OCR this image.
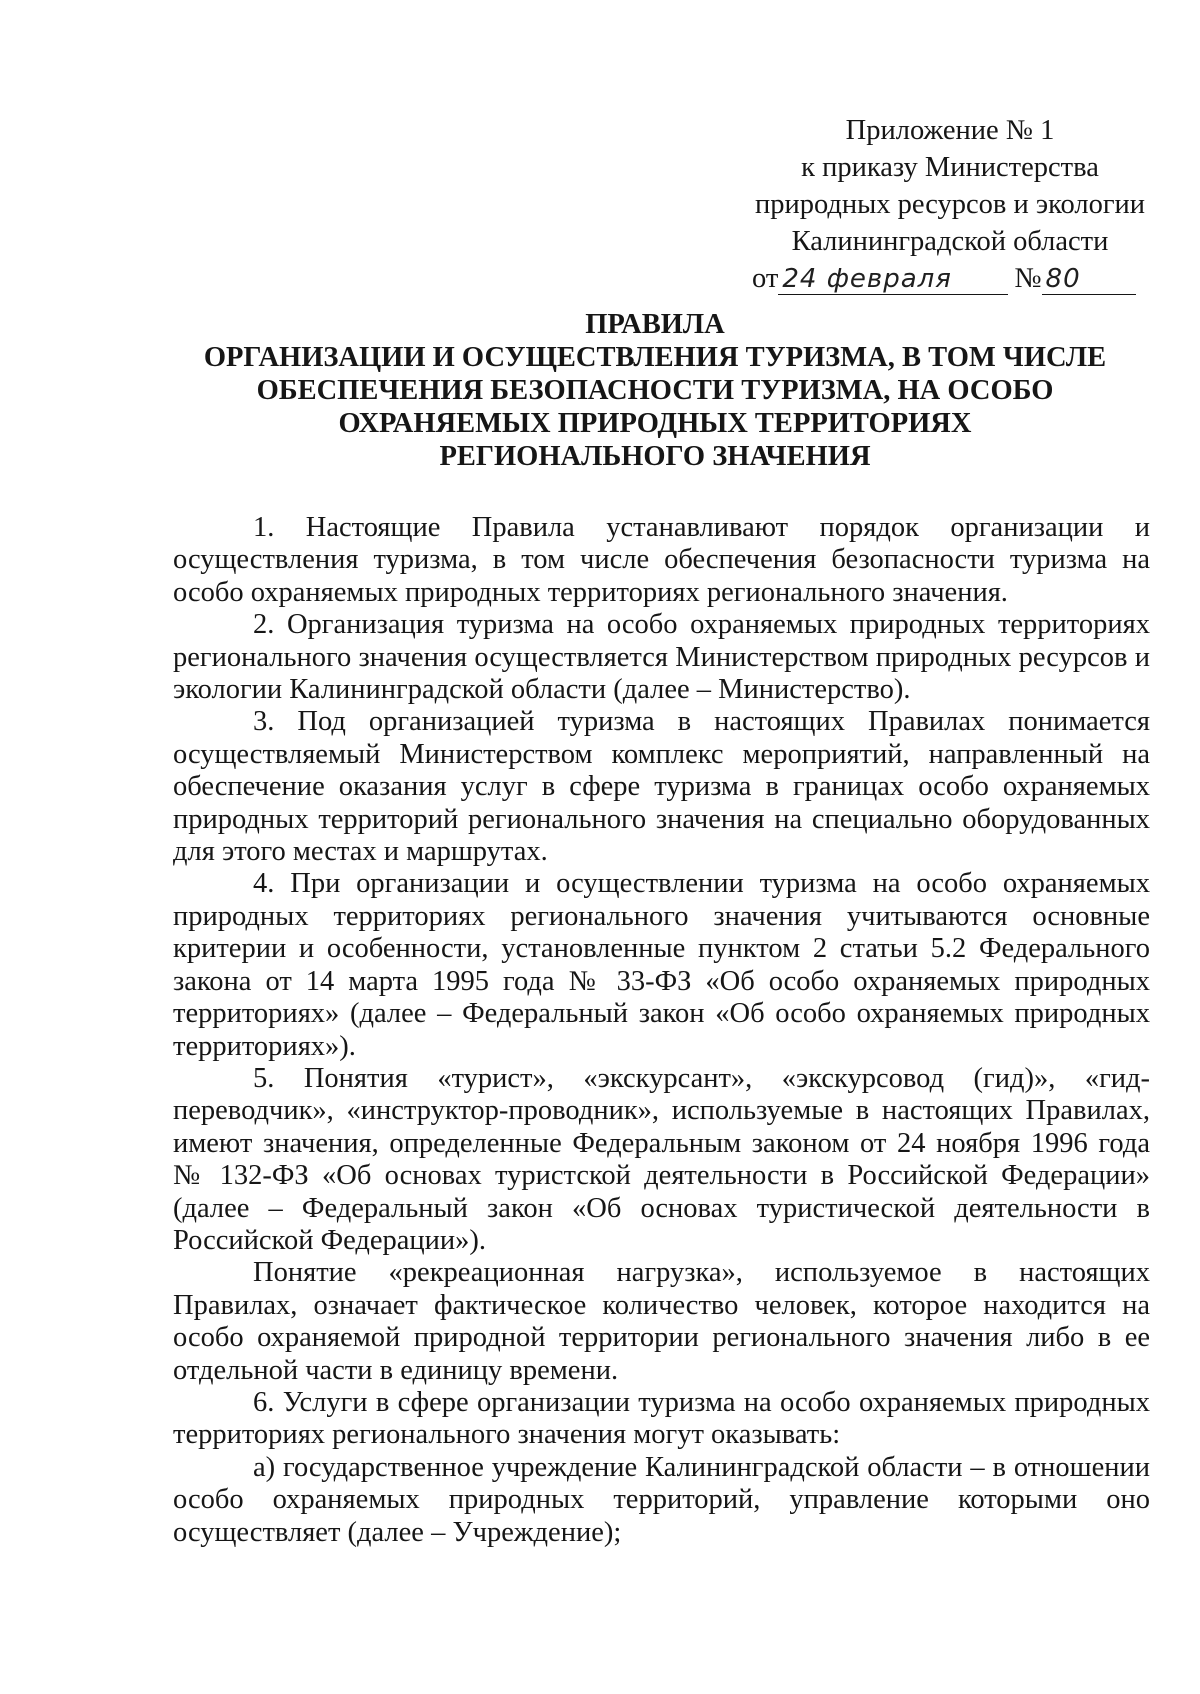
Приложение № 1
к приказу Министерства
природных ресурсов и экологии
Калининградской области
от 24 февраля № 80
ПРАВИЛА
ОРГАНИЗАЦИИ И ОСУЩЕСТВЛЕНИЯ ТУРИЗМА, В ТОМ ЧИСЛЕ
ОБЕСПЕЧЕНИЯ БЕЗОПАСНОСТИ ТУРИЗМА, НА ОСОБО
ОХРАНЯЕМЫХ ПРИРОДНЫХ ТЕРРИТОРИЯХ
РЕГИОНАЛЬНОГО ЗНАЧЕНИЯ

1. Настоящие Правила устанавливают порядок организации и осуществления туризма, в том числе обеспечения безопасности туризма на особо охраняемых природных территориях регионального значения.

2. Организация туризма на особо охраняемых природных территориях регионального значения осуществляется Министерством природных ресурсов и экологии Калининградской области (далее – Министерство).

3. Под организацией туризма в настоящих Правилах понимается осуществляемый Министерством комплекс мероприятий, направленный на обеспечение оказания услуг в сфере туризма в границах особо охраняемых природных территорий регионального значения на специально оборудованных для этого местах и маршрутах.

4. При организации и осуществлении туризма на особо охраняемых природных территориях регионального значения учитываются основные критерии и особенности, установленные пунктом 2 статьи 5.2 Федерального закона от 14 марта 1995 года № 33-ФЗ «Об особо охраняемых природных территориях» (далее – Федеральный закон «Об особо охраняемых природных территориях»).

5. Понятия «турист», «экскурсант», «экскурсовод (гид)», «гид-переводчик», «инструктор-проводник», используемые в настоящих Правилах, имеют значения, определенные Федеральным законом от 24 ноября 1996 года № 132-ФЗ «Об основах туристской деятельности в Российской Федерации» (далее – Федеральный закон «Об основах туристической деятельности в Российской Федерации»).

Понятие «рекреационная нагрузка», используемое в настоящих Правилах, означает фактическое количество человек, которое находится на особо охраняемой природной территории регионального значения либо в ее отдельной части в единицу времени.

6. Услуги в сфере организации туризма на особо охраняемых природных территориях регионального значения могут оказывать:

а) государственное учреждение Калининградской области – в отношении особо охраняемых природных территорий, управление которыми оно осуществляет (далее – Учреждение);
